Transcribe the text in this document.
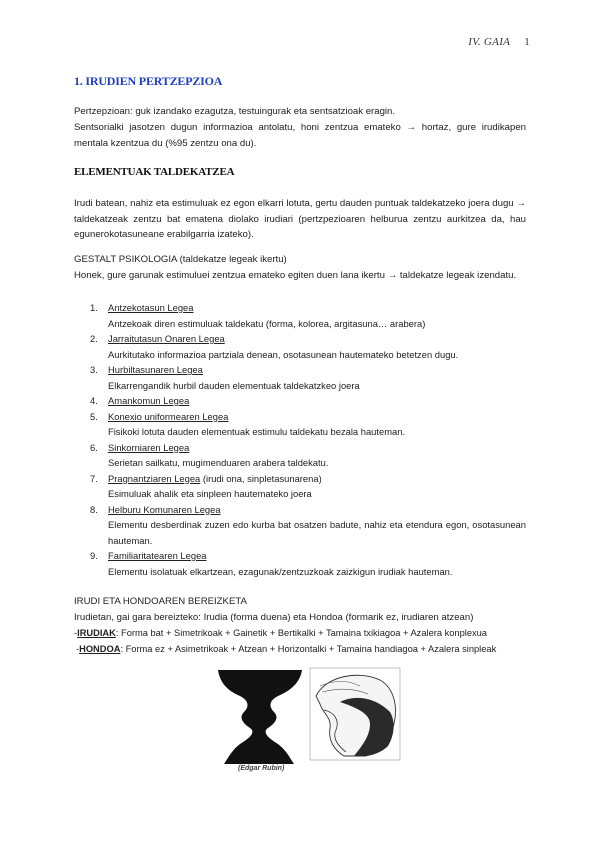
IV. GAIA 1
1. IRUDIEN PERTZEPZIOA
Pertzepzioan: guk izandako ezagutza, testuingurak eta sentsatzioak eragin.
Sentsorialki jasotzen dugun informazioa antolatu, honi zentzua emateko → hortaz, gure irudikapen mentala kzentzua du (%95 zentzu ona du).
ELEMENTUAK TALDEKATZEA
Irudi batean, nahiz eta estimuluak ez egon elkarri lotuta, gertu dauden puntuak taldekatzeko joera dugu → taldekatzeak zentzu bat ematena diolako irudiari (pertzpezioaren helburua zentzu aurkitzea da, hau egunerokotasuneane erabilgarria izateko).
GESTALT PSIKOLOGIA (taldekatze legeak ikertu)
Honek, gure garunak estimuluei zentzua emateko egiten duen lana ikertu → taldekatze legeak izendatu.
1. Antzekotasun Legea
Antzekoak diren estimuluak taldekatu (forma, kolorea, argitasuna… arabera)
2. Jarraitutasun Onaren Legea
Aurkitutako informazioa partziala denean, osotasunean hautemateko betetzen dugu.
3. Hurbiltasunaren Legea
Elkarrengandik hurbil dauden elementuak taldekatzkeo joera
4. Amankomun Legea
5. Konexio uniformearen Legea
Fisikoki lotuta dauden elementuak estimulu taldekatu bezala hauteman.
6. Sinkorniaren Legea
Serietan sailkatu, mugimenduaren arabera taldekatu.
7. Pragnantziaren Legea (irudi ona, sinpletasunarena)
Esimuluak ahalik eta sinpleen hautemateko joera
8. Helburu Komunaren Legea
Elementu desberdinak zuzen edo kurba bat osatzen badute, nahiz eta etendura egon, osotasunean hauteman.
9. Familiaritatearen Legea
Elementu isolatuak elkartzean, ezagunak/zentzuzkoak zaizkigun irudiak hauteman.
IRUDI ETA HONDOAREN BEREIZKETA
Irudietan, gai gara bereizteko: Irudia (forma duena) eta Hondoa (formarik ez, irudiaren atzean)
-IRUDIAK: Forma bat + Simetrikoak + Gainetik + Bertikalki + Tamaina txikiagoa + Azalera konplexua
-HONDOA: Forma ez + Asimetrikoak + Atzean + Horizontalki + Tamaina handiagoa + Azalera sinpleak
(Edgar Rubin)
